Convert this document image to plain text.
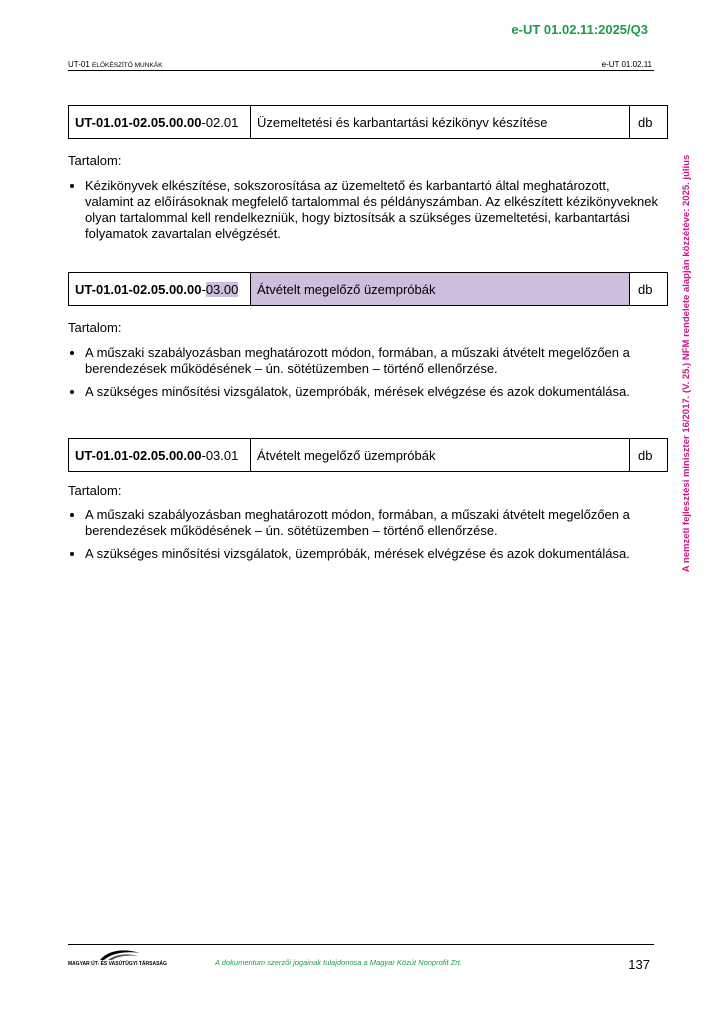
e-UT 01.02.11:2025/Q3
UT-01 ELŐKÉSZÍTŐ MUNKÁK	e-UT 01.02.11
UT-01.01-02.05.00.00 -02.01	Üzemeltetési és karbantartási kézikönyv készítése	db
Tartalom:
Kézikönyvek elkészítése, sokszorosítása az üzemeltető és karbantartó által meghatározott, valamint az előírásoknak megfelelő tartalommal és példányszámban. Az elkészített kézikönyveknek olyan tartalommal kell rendelkezniük, hogy biztosítsák a szükséges üzemeltetési, karbantartási folyamatok zavartalan elvégzését.
UT-01.01-02.05.00.00 - 03.00	Átvételt megelőző üzempróbák	db
Tartalom:
A műszaki szabályozásban meghatározott módon, formában, a műszaki átvételt megelőzően a berendezések működésének – ún. sötétüzemben – történő ellenőrzése.
A szükséges minősítési vizsgálatok, üzempróbák, mérések elvégzése és azok dokumentálása.
UT-01.01-02.05.00.00 -03.01	Átvételt megelőző üzempróbák	db
Tartalom:
A műszaki szabályozásban meghatározott módon, formában, a műszaki átvételt megelőzően a berendezések működésének – ún. sötétüzemben – történő ellenőrzése.
A szükséges minősítési vizsgálatok, üzempróbák, mérések elvégzése és azok dokumentálása.	A nemzeti fejlesztési miniszter 16/2017. (V. 25.) NFM rendelete alapján közzétéve: 2025. július
MAGYAR ÚT- ÉS VASÚTÜGYI TÁRSASÁG	A dokumentum szerzői jogainak tulajdonosa a Magyar Közút Nonprofit Zrt.	137
